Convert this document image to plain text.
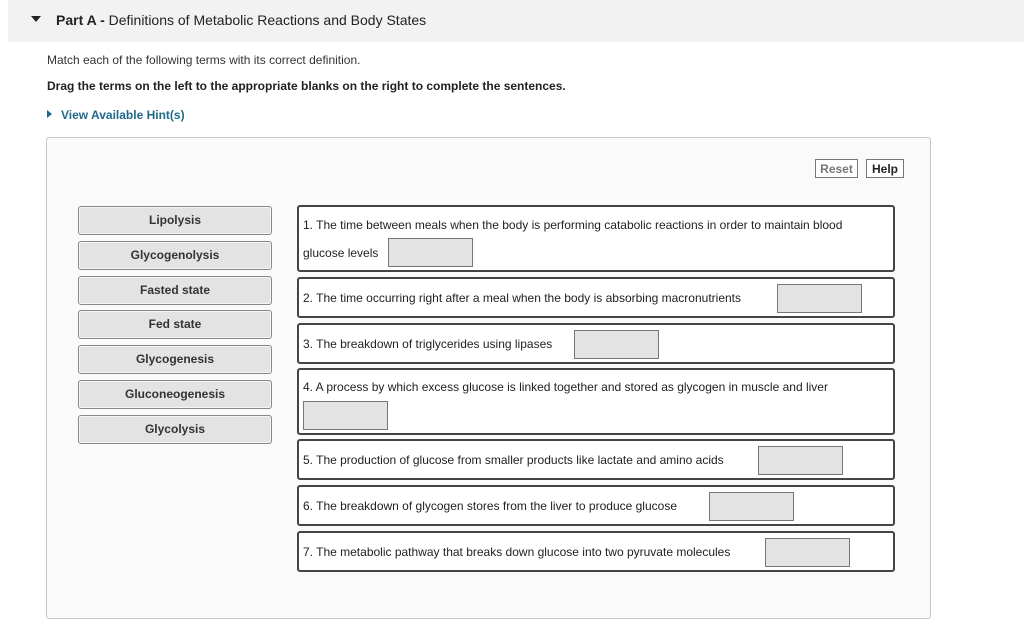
Part A - Definitions of Metabolic Reactions and Body States
Match each of the following terms with its correct definition.
Drag the terms on the left to the appropriate blanks on the right to complete the sentences.
View Available Hint(s)
Reset	Help
Lipolysis
Glycogenolysis
Fasted state
Fed state
Glycogenesis
Gluconeogenesis
Glycolysis
1. The time between meals when the body is performing catabolic reactions in order to maintain blood
glucose levels
2. The time occurring right after a meal when the body is absorbing macronutrients
3. The breakdown of triglycerides using lipases
4. A process by which excess glucose is linked together and stored as glycogen in muscle and liver
5. The production of glucose from smaller products like lactate and amino acids
6. The breakdown of glycogen stores from the liver to produce glucose
7. The metabolic pathway that breaks down glucose into two pyruvate molecules
